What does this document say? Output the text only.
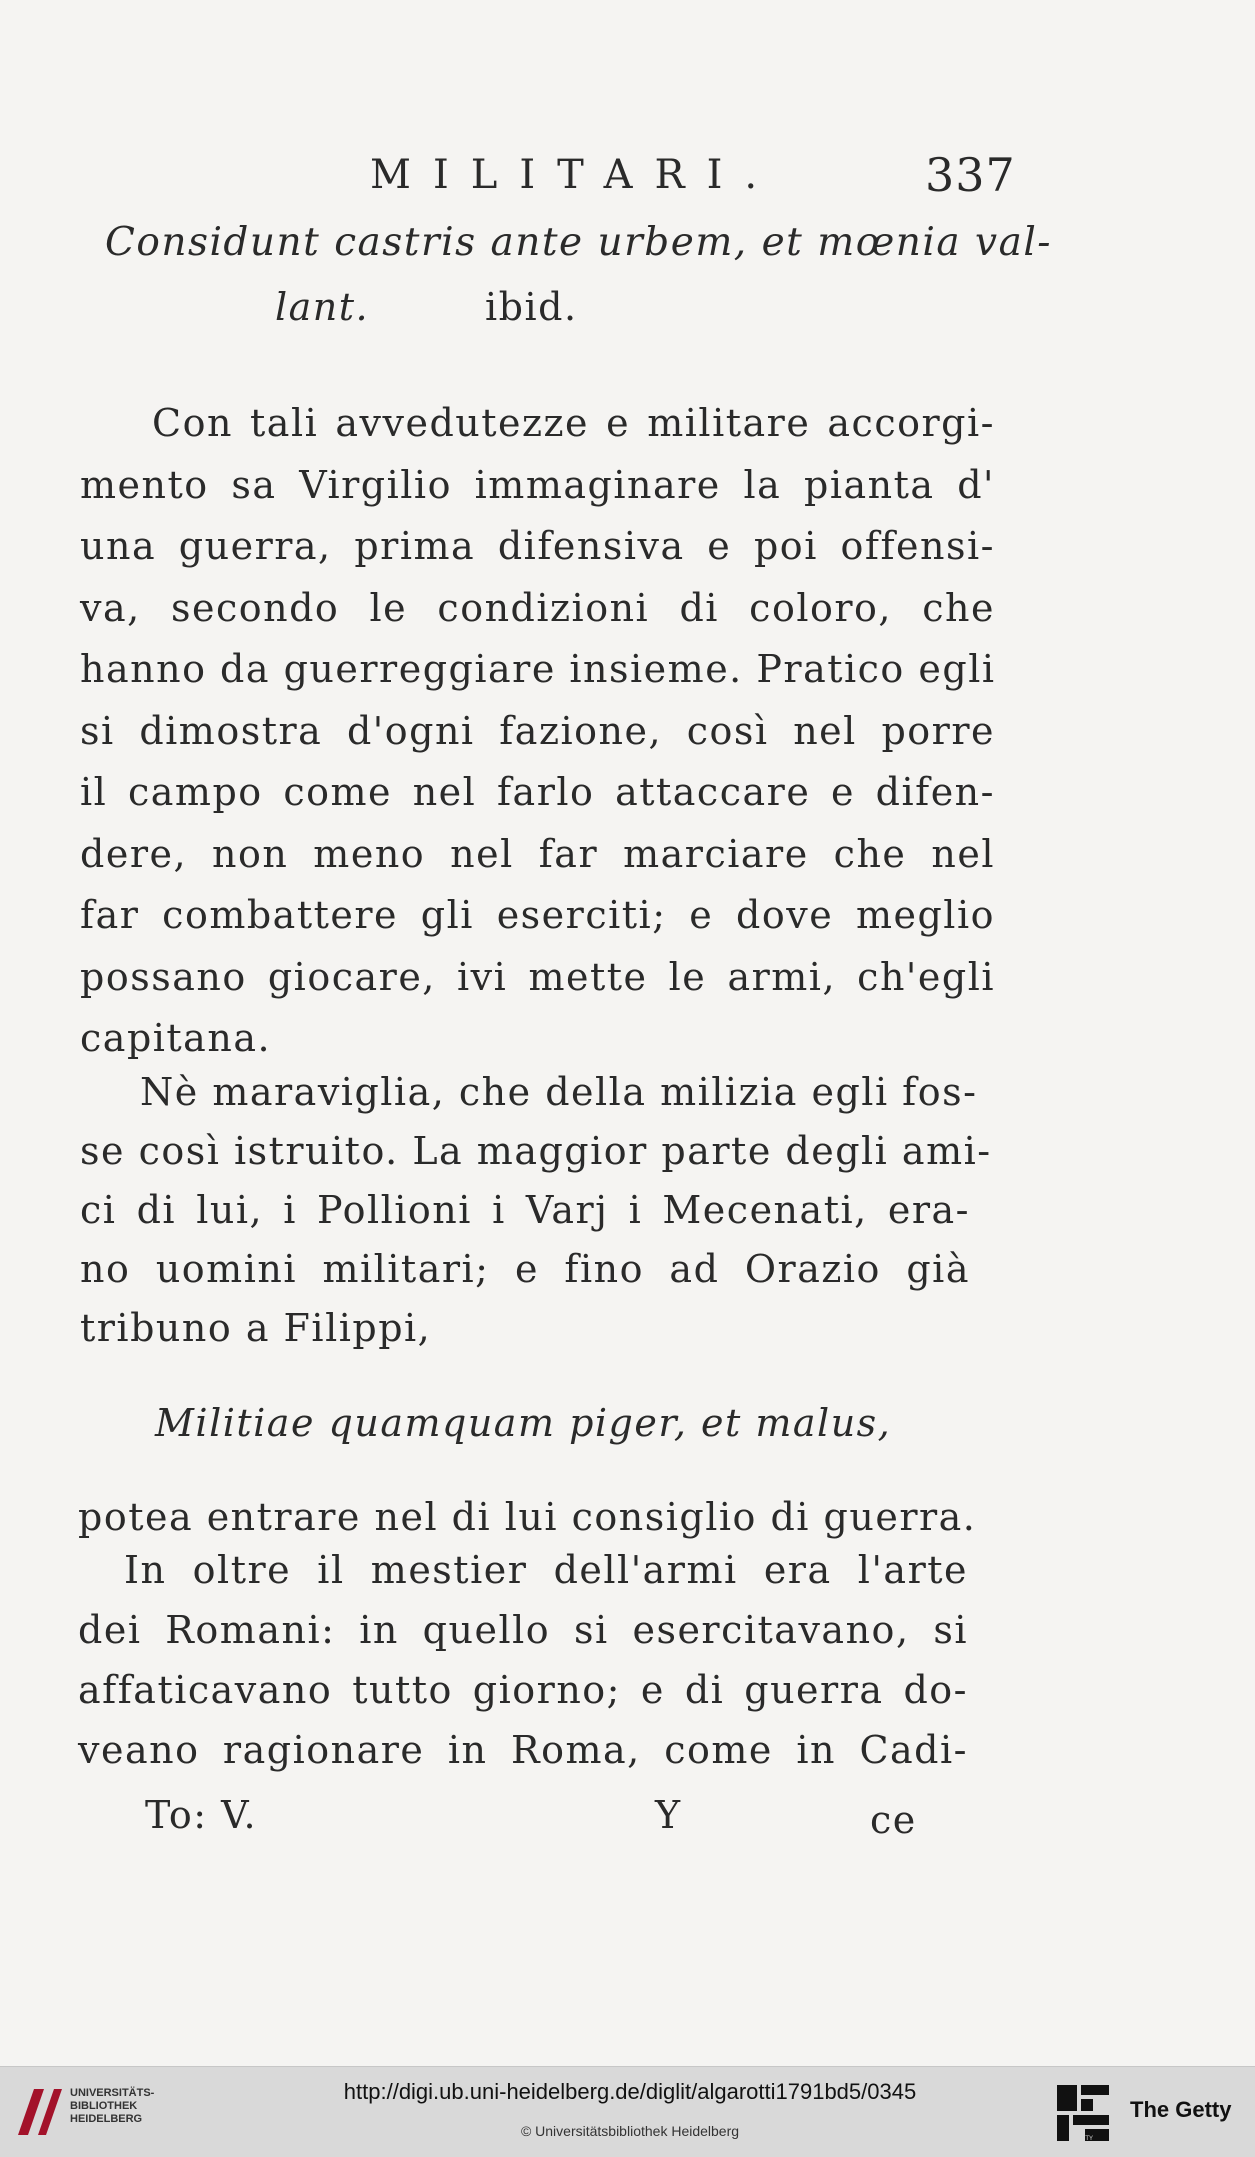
MILITARI.	337
Considunt castris ante urbem, et mœnia val-
lant.	ibid.
Con tali avvedutezze e militare accorgi-
mento sa Virgilio immaginare la pianta d'
una guerra, prima difensiva e poi offensi-
va, secondo le condizioni di coloro, che
hanno da guerreggiare insieme. Pratico egli
si dimostra d'ogni fazione, così nel porre
il campo come nel farlo attaccare e difen-
dere, non meno nel far marciare che nel
far combattere gli eserciti; e dove meglio
possano giocare, ivi mette le armi, ch'egli
capitana.
Nè maraviglia, che della milizia egli fos-
se così istruito. La maggior parte degli ami-
ci di lui, i Pollioni i Varj i Mecenati, era-
no uomini militari; e fino ad Orazio già
tribuno a Filippi,
Militiae quamquam piger, et malus,
potea entrare nel di lui consiglio di guerra.
In oltre il mestier dell'armi era l'arte
dei Romani: in quello si esercitavano, si
affaticavano tutto giorno; e di guerra do-
veano ragionare in Roma, come in Cadi-
To: V.	Y	ce
UNIVERSITÄTS-
BIBLIOTHEK
HEIDELBERG
http://digi.ub.uni-heidelberg.de/diglit/algarotti1791bd5/0345
© Universitätsbibliothek Heidelberg	GETTY
The Getty
